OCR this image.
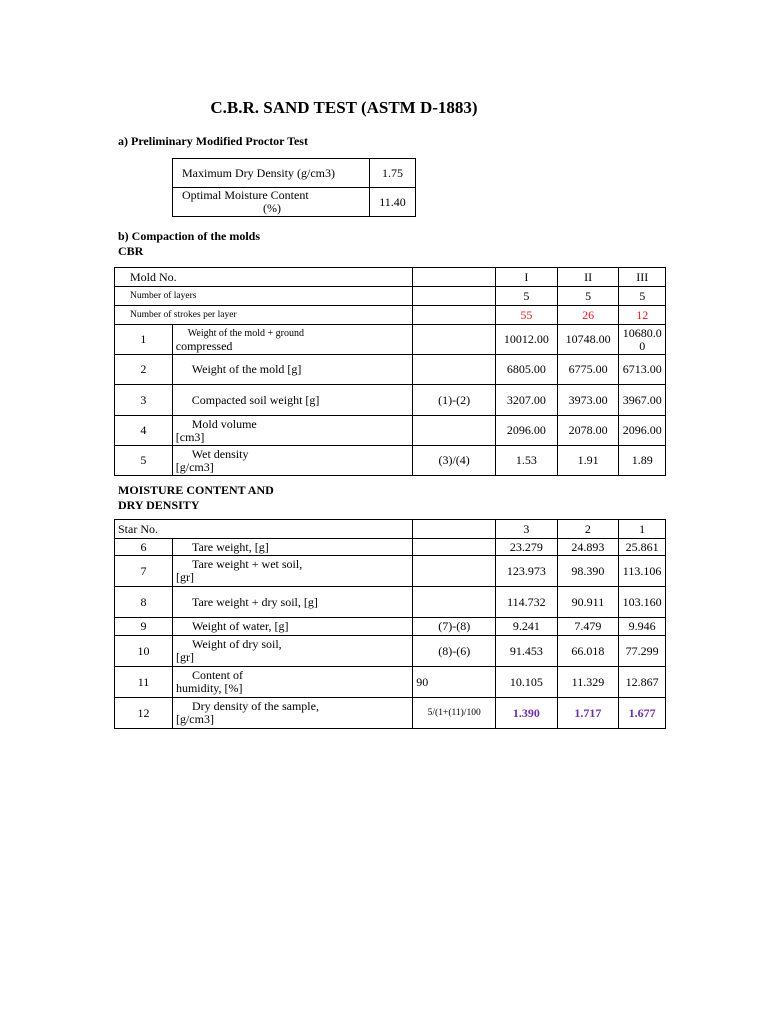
C.B.R. SAND TEST (ASTM D-1883)
a) Preliminary Modified Proctor Test
Maximum Dry Density (g/cm3)	1.75

Optimal Moisture Content
(%)	11.40
b) Compaction of the molds
CBR
Mold No.			I	II	III
Number of layers			5	5	5
Number of strokes per layer			55	26	12
1	Weight of the mold + ground
compressed		10012.00	10748.00	10680.00
2	Weight of the mold [g]		6805.00	6775.00	6713.00
3	Compacted soil weight [g]	(1)-(2)	3207.00	3973.00	3967.00
4	Mold volume
[cm3]		2096.00	2078.00	2096.00
5	Wet density
[g/cm3]	(3)/(4)	1.53	1.91	1.89
MOISTURE CONTENT AND
DRY DENSITY
Star No.			3	2	1
6	Tare weight, [g]		23.279	24.893	25.861
7	Tare weight + wet soil,
[gr]		123.973	98.390	113.106
8	Tare weight + dry soil, [g]		114.732	90.911	103.160
9	Weight of water, [g]	(7)-(8)	9.241	7.479	9.946
10	Weight of dry soil,
[gr]	(8)-(6)	91.453	66.018	77.299
11	Content of
humidity, [%]	90	10.105	11.329	12.867
12	Dry density of the sample,
[g/cm3]	5/(1+(11)/100	1.390	1.717	1.677
